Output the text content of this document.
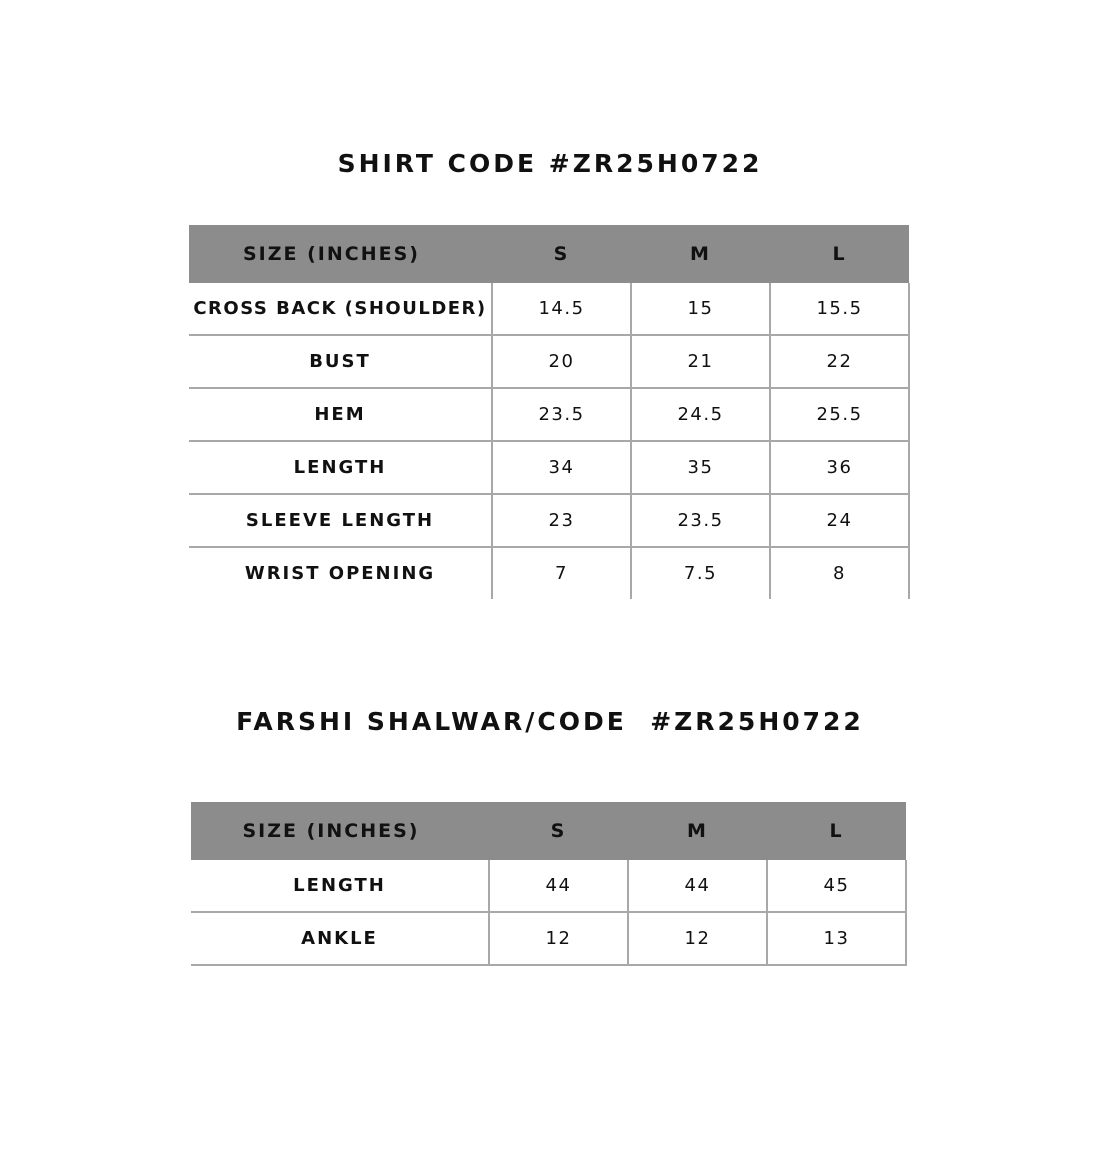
SHIRT CODE #ZR25H0722
SIZE (INCHES)	S	M	L
CROSS BACK (SHOULDER)	14.5	15	15.5
BUST	20	21	22
HEM	23.5	24.5	25.5
LENGTH	34	35	36
SLEEVE LENGTH	23	23.5	24
WRIST OPENING	7	7.5	8
FARSHI SHALWAR/CODE  #ZR25H0722
SIZE (INCHES)	S	M	L
LENGTH	44	44	45
ANKLE	12	12	13
